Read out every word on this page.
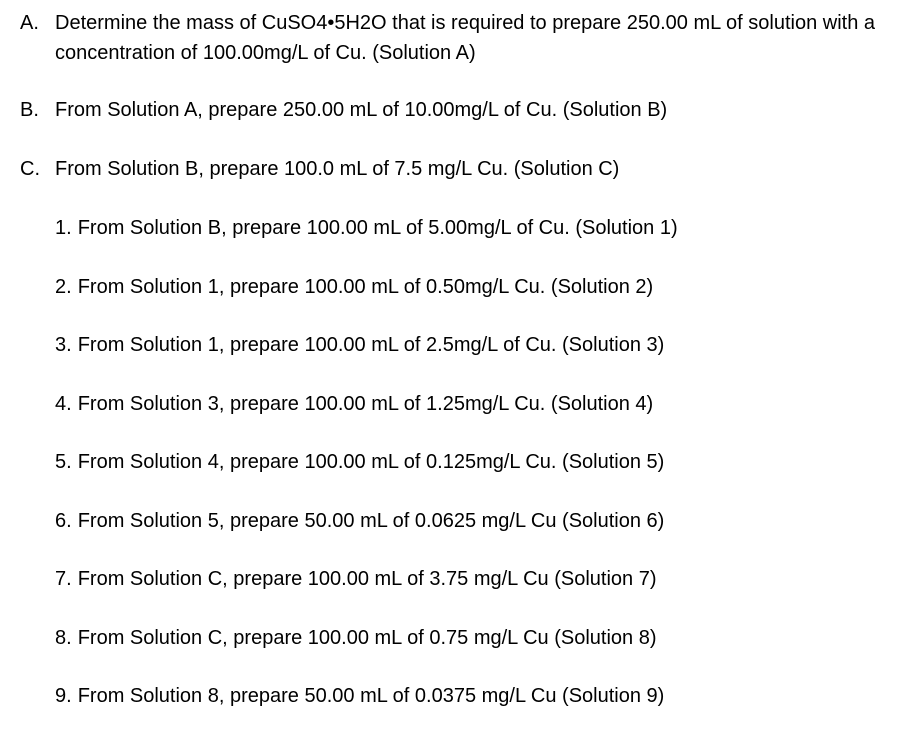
A. Determine the mass of CuSO4•5H2O that is required to prepare 250.00 mL of solution with a concentration of 100.00mg/L of Cu. (Solution A)
B. From Solution A, prepare 250.00 mL of 10.00mg/L of Cu. (Solution B)
C. From Solution B, prepare 100.0 mL of 7.5 mg/L Cu. (Solution C)
1. From Solution B, prepare 100.00 mL of 5.00mg/L of Cu. (Solution 1)
2. From Solution 1, prepare 100.00 mL of 0.50mg/L Cu. (Solution 2)
3. From Solution 1, prepare 100.00 mL of 2.5mg/L of Cu. (Solution 3)
4. From Solution 3, prepare 100.00 mL of 1.25mg/L Cu. (Solution 4)
5. From Solution 4, prepare 100.00 mL of 0.125mg/L Cu. (Solution 5)
6. From Solution 5, prepare 50.00 mL of 0.0625 mg/L Cu (Solution 6)
7. From Solution C, prepare 100.00 mL of 3.75 mg/L Cu (Solution 7)
8. From Solution C, prepare 100.00 mL of 0.75 mg/L Cu (Solution 8)
9. From Solution 8, prepare 50.00 mL of 0.0375 mg/L Cu (Solution 9)
